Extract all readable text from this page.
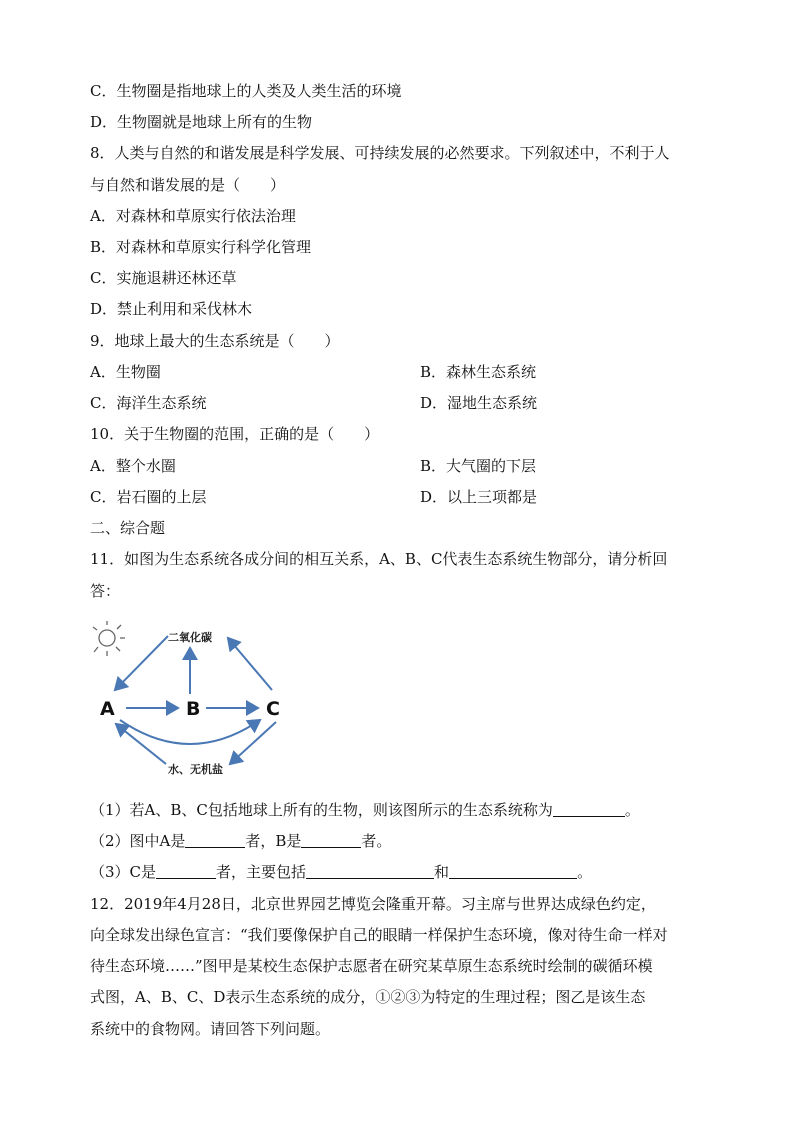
C．生物圈是指地球上的人类及人类生活的环境
D．生物圈就是地球上所有的生物
8．人类与自然的和谐发展是科学发展、可持续发展的必然要求。下列叙述中，不利于人
与自然和谐发展的是（　　）
A．对森林和草原实行依法治理
B．对森林和草原实行科学化管理
C．实施退耕还林还草
D．禁止利用和采伐林木
9．地球上最大的生态系统是（　　）
A．生物圈	B．森林生态系统
C．海洋生态系统	D．湿地生态系统
10．关于生物圈的范围，正确的是（　　）
A．整个水圈	B．大气圈的下层
C．岩石圈的上层	D．以上三项都是
二、综合题
11．如图为生态系统各成分间的相互关系，A、B、C代表生态系统生物部分，请分析回
答：
二氧化碳
水、无机盐
A	B	C
（1）若A、B、C包括地球上所有的生物，则该图所示的生态系统称为	。
（2）图中A是	者，B是	者。
（3）C是	者，主要包括	和	。
12．2019年4月28日，北京世界园艺博览会隆重开幕。习主席与世界达成绿色约定，
向全球发出绿色宣言：“我们要像保护自己的眼睛一样保护生态环境，像对待生命一样对
待生态环境……”图甲是某校生态保护志愿者在研究某草原生态系统时绘制的碳循环模
式图，A、B、C、D表示生态系统的成分，①②③为特定的生理过程；图乙是该生态
系统中的食物网。请回答下列问题。
